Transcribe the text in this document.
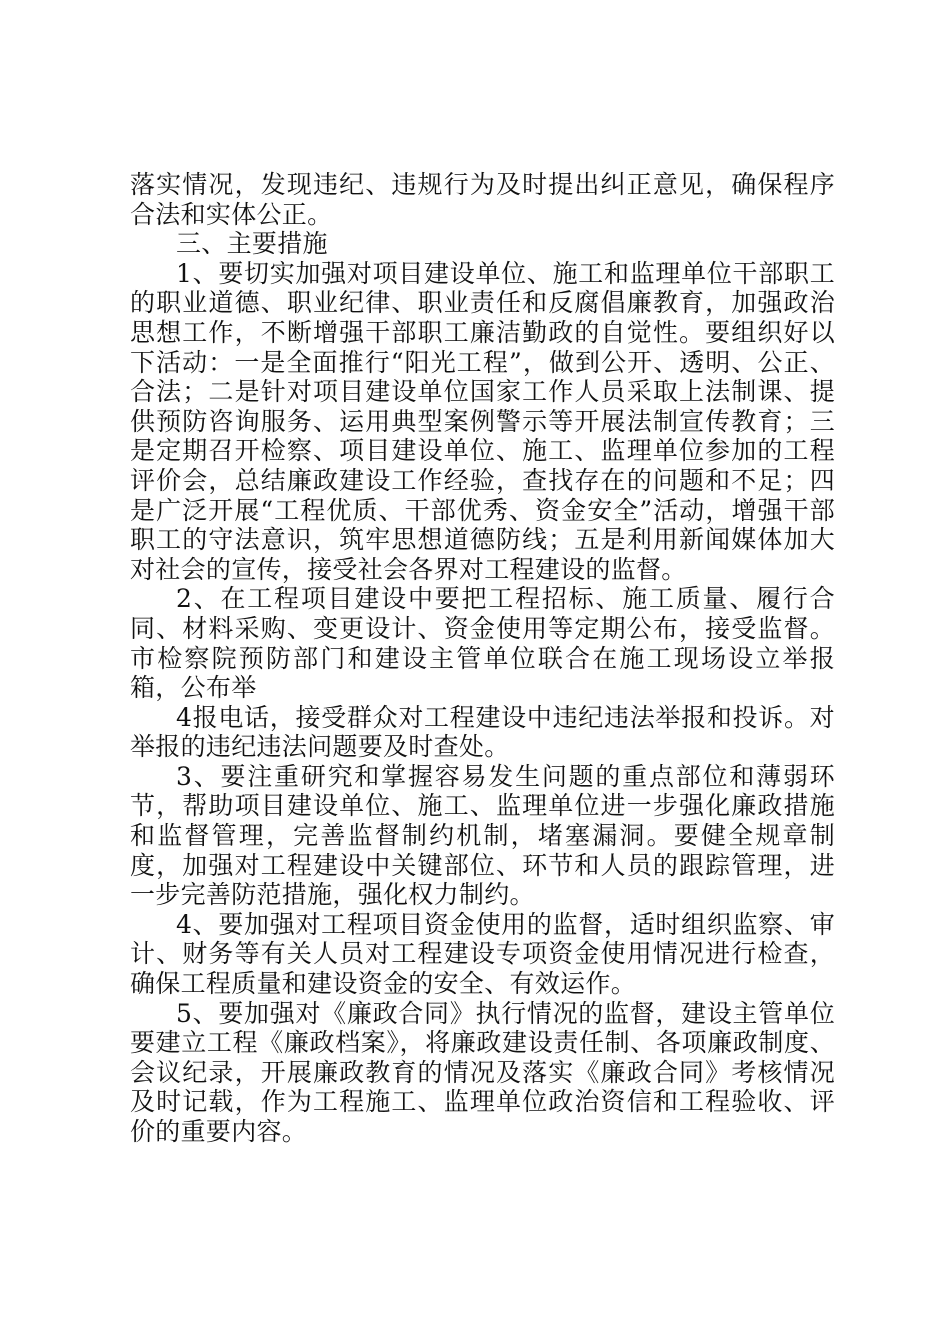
落实情况，发现违纪、违规行为及时提出纠正意见，确保程序合法和实体公正。

三、主要措施

1、要切实加强对项目建设单位、施工和监理单位干部职工的职业道德、职业纪律、职业责任和反腐倡廉教育，加强政治思想工作，不断增强干部职工廉洁勤政的自觉性。要组织好以下活动：一是全面推行“阳光工程”，做到公开、透明、公正、合法；二是针对项目建设单位国家工作人员采取上法制课、提供预防咨询服务、运用典型案例警示等开展法制宣传教育；三是定期召开检察、项目建设单位、施工、监理单位参加的工程评价会，总结廉政建设工作经验，查找存在的问题和不足；四是广泛开展“工程优质、干部优秀、资金安全”活动，增强干部职工的守法意识，筑牢思想道德防线；五是利用新闻媒体加大对社会的宣传，接受社会各界对工程建设的监督。

2、在工程项目建设中要把工程招标、施工质量、履行合同、材料采购、变更设计、资金使用等定期公布，接受监督。市检察院预防部门和建设主管单位联合在施工现场设立举报箱，公布举

4报电话，接受群众对工程建设中违纪违法举报和投诉。对举报的违纪违法问题要及时查处。

3、要注重研究和掌握容易发生问题的重点部位和薄弱环节，帮助项目建设单位、施工、监理单位进一步强化廉政措施和监督管理，完善监督制约机制，堵塞漏洞。要健全规章制度，加强对工程建设中关键部位、环节和人员的跟踪管理，进一步完善防范措施，强化权力制约。

4、要加强对工程项目资金使用的监督，适时组织监察、审计、财务等有关人员对工程建设专项资金使用情况进行检查，确保工程质量和建设资金的安全、有效运作。

5、要加强对《廉政合同》执行情况的监督，建设主管单位要建立工程《廉政档案》，将廉政建设责任制、各项廉政制度、会议纪录，开展廉政教育的情况及落实《廉政合同》考核情况及时记载，作为工程施工、监理单位政治资信和工程验收、评价的重要内容。
